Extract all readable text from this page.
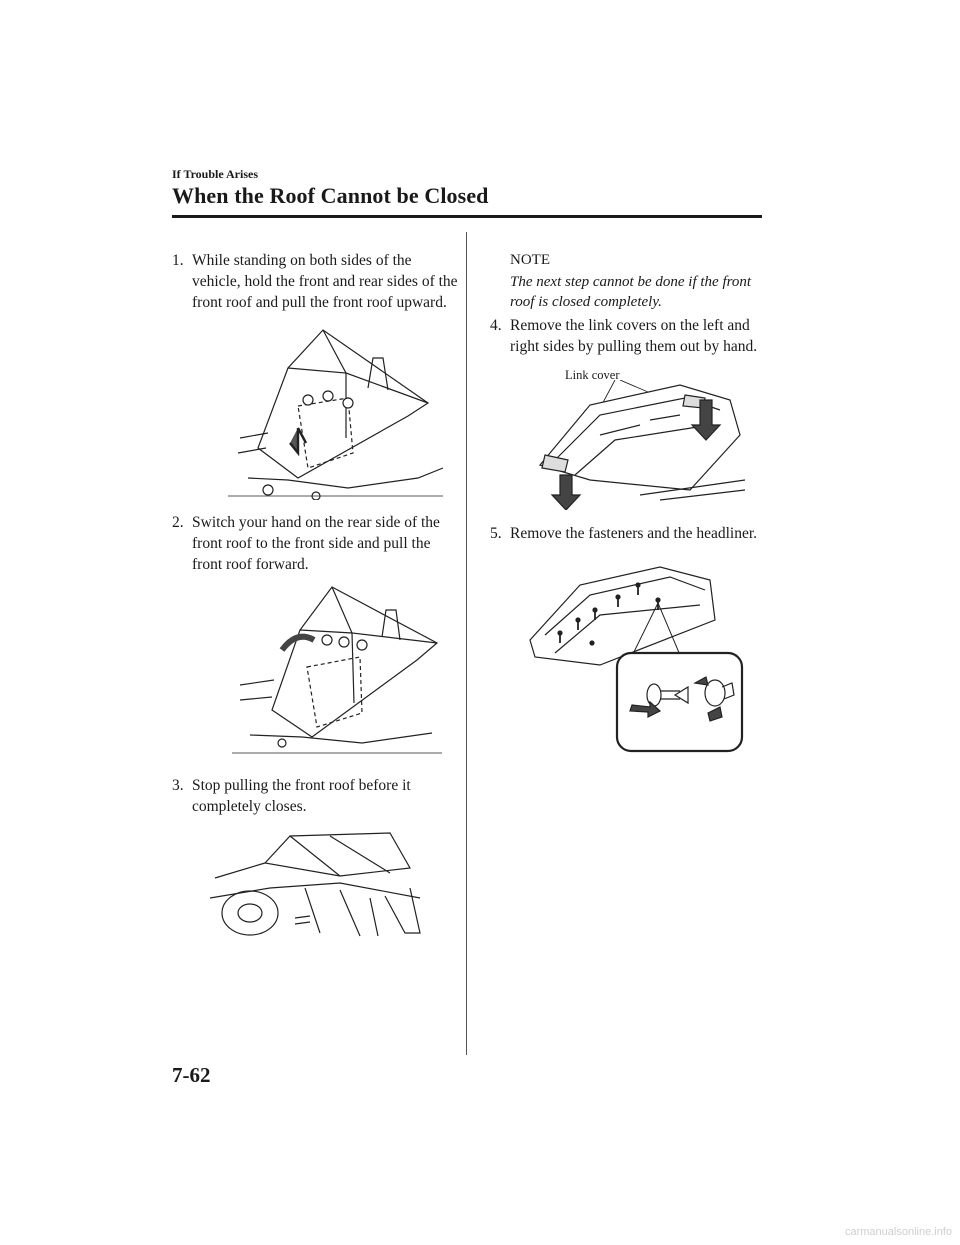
If Trouble Arises
When the Roof Cannot be Closed
1. While standing on both sides of the vehicle, hold the front and rear sides of the front roof and pull the front roof upward.
2. Switch your hand on the rear side of the front roof to the front side and pull the front roof forward.
3. Stop pulling the front roof before it completely closes.
NOTE
The next step cannot be done if the front roof is closed completely.
4. Remove the link covers on the left and right sides by pulling them out by hand.
Link cover
5. Remove the fasteners and the headliner.
7-62
carmanualsonline.info
